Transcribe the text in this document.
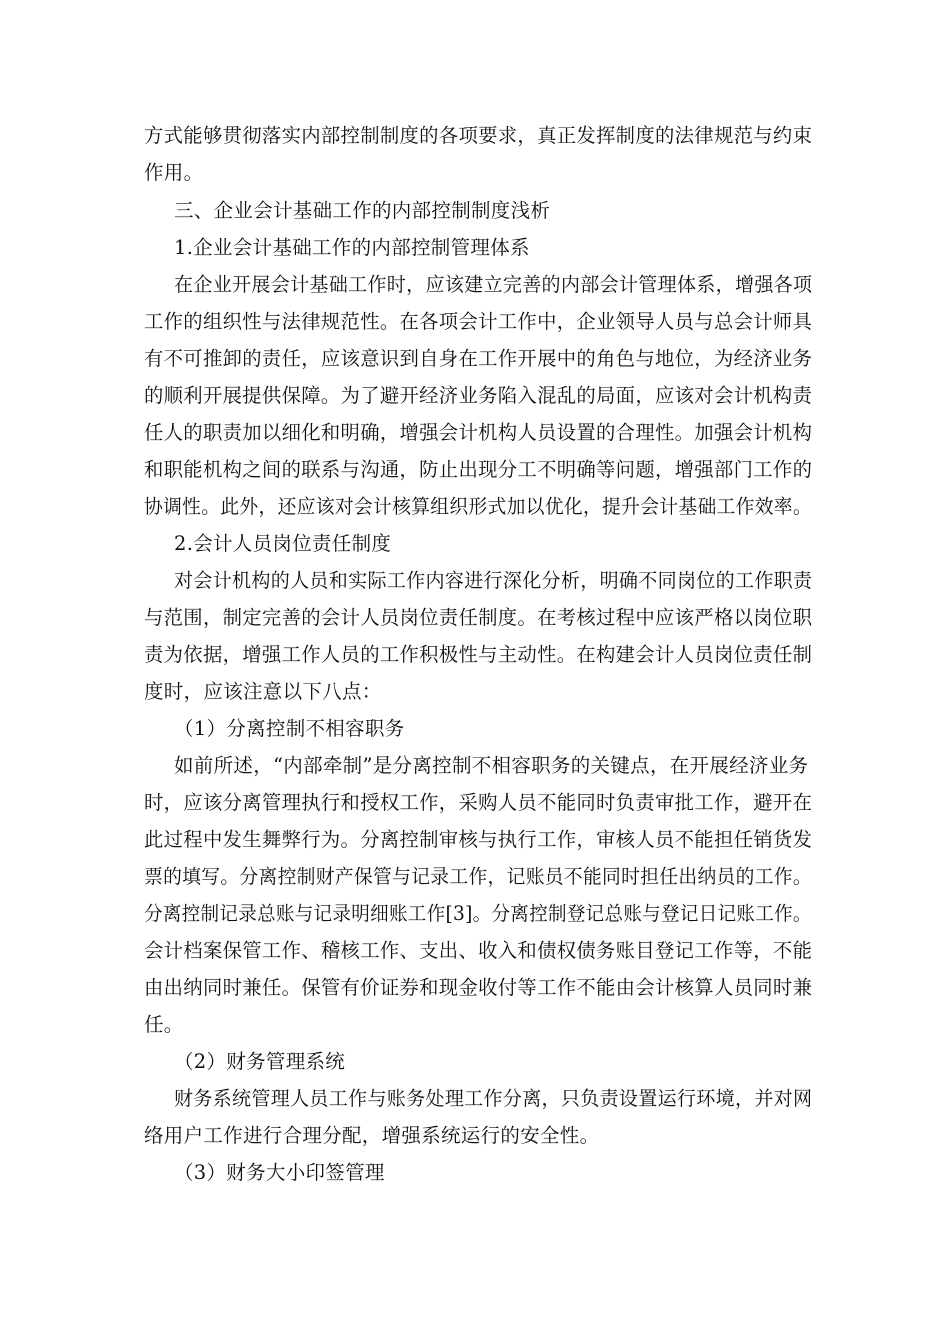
方式能够贯彻落实内部控制制度的各项要求，真正发挥制度的法律规范与约束
作用。
三、企业会计基础工作的内部控制制度浅析
1.企业会计基础工作的内部控制管理体系
在企业开展会计基础工作时，应该建立完善的内部会计管理体系，增强各项
工作的组织性与法律规范性。在各项会计工作中，企业领导人员与总会计师具
有不可推卸的责任，应该意识到自身在工作开展中的角色与地位，为经济业务
的顺利开展提供保障。为了避开经济业务陷入混乱的局面，应该对会计机构责
任人的职责加以细化和明确，增强会计机构人员设置的合理性。加强会计机构
和职能机构之间的联系与沟通，防止出现分工不明确等问题，增强部门工作的
协调性。此外，还应该对会计核算组织形式加以优化，提升会计基础工作效率。
2.会计人员岗位责任制度
对会计机构的人员和实际工作内容进行深化分析，明确不同岗位的工作职责
与范围，制定完善的会计人员岗位责任制度。在考核过程中应该严格以岗位职
责为依据，增强工作人员的工作积极性与主动性。在构建会计人员岗位责任制
度时，应该注意以下八点：
（1）分离控制不相容职务
如前所述，“内部牵制”是分离控制不相容职务的关键点，在开展经济业务
时，应该分离管理执行和授权工作，采购人员不能同时负责审批工作，避开在
此过程中发生舞弊行为。分离控制审核与执行工作，审核人员不能担任销货发
票的填写。分离控制财产保管与记录工作，记账员不能同时担任出纳员的工作。
分离控制记录总账与记录明细账工作[3]。分离控制登记总账与登记日记账工作。
会计档案保管工作、稽核工作、支出、收入和债权债务账目登记工作等，不能
由出纳同时兼任。保管有价证券和现金收付等工作不能由会计核算人员同时兼
任。
（2）财务管理系统
财务系统管理人员工作与账务处理工作分离，只负责设置运行环境，并对网
络用户工作进行合理分配，增强系统运行的安全性。
（3）财务大小印签管理
